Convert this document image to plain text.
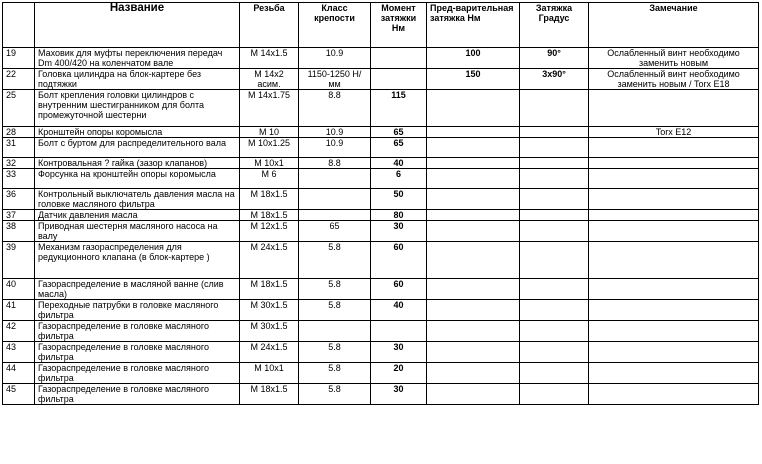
	Название	Резьба	Класс крепости	Момент затяжки Нм	Пред-варительная затяжка Нм	Затяжка Градус	Замечание
19	Маховик для муфты переключения передач Dm 400/420 на коленчатом вале	М 14х1.5	10.9		100	90°	Ослабленный винт необходимо заменить новым
22	Головка цилиндра на блок-картере без подтяжки	М 14х2 асим.	1150-1250 Н/мм		150	3х90°	Ослабленный винт необходимо заменить новым / Torx E18
25	Болт крепления головки цилиндров с внутренним шестигранником для болта промежуточной шестерни	М 14х1.75	8.8	115			
28	Кронштейн опоры коромысла	М 10	10.9	65			Torx E12
31	Болт с буртом для распределительного вала	М 10х1.25	10.9	65			
32	Контровальная ? гайка (зазор клапанов)	М 10х1	8.8	40			
33	Форсунка на кронштейн опоры коромысла	М 6		6			
36	Контрольный выключатель давления масла на головке масляного фильтра	М 18х1.5		50			
37	Датчик давления масла	М 18х1.5		80			
38	Приводная шестерня масляного насоса на валу	М 12х1.5	65	30			
39	Механизм газораспределения для редукционного клапана (в блок-картере )	М 24х1.5	5.8	60			
40	Газораспределение в масляной ванне (слив масла)	М 18х1.5	5.8	60			
41	Переходные патрубки в головке масляного фильтра	М 30х1.5	5.8	40			
42	Газораспределение в головке масляного фильтра	М 30х1.5					
43	Газораспределение в головке масляного фильтра	М 24х1.5	5.8	30			
44	Газораспределение в головке масляного фильтра	М 10х1	5.8	20			
45	Газораспределение в головке масляного фильтра	М 18х1.5	5.8	30			
